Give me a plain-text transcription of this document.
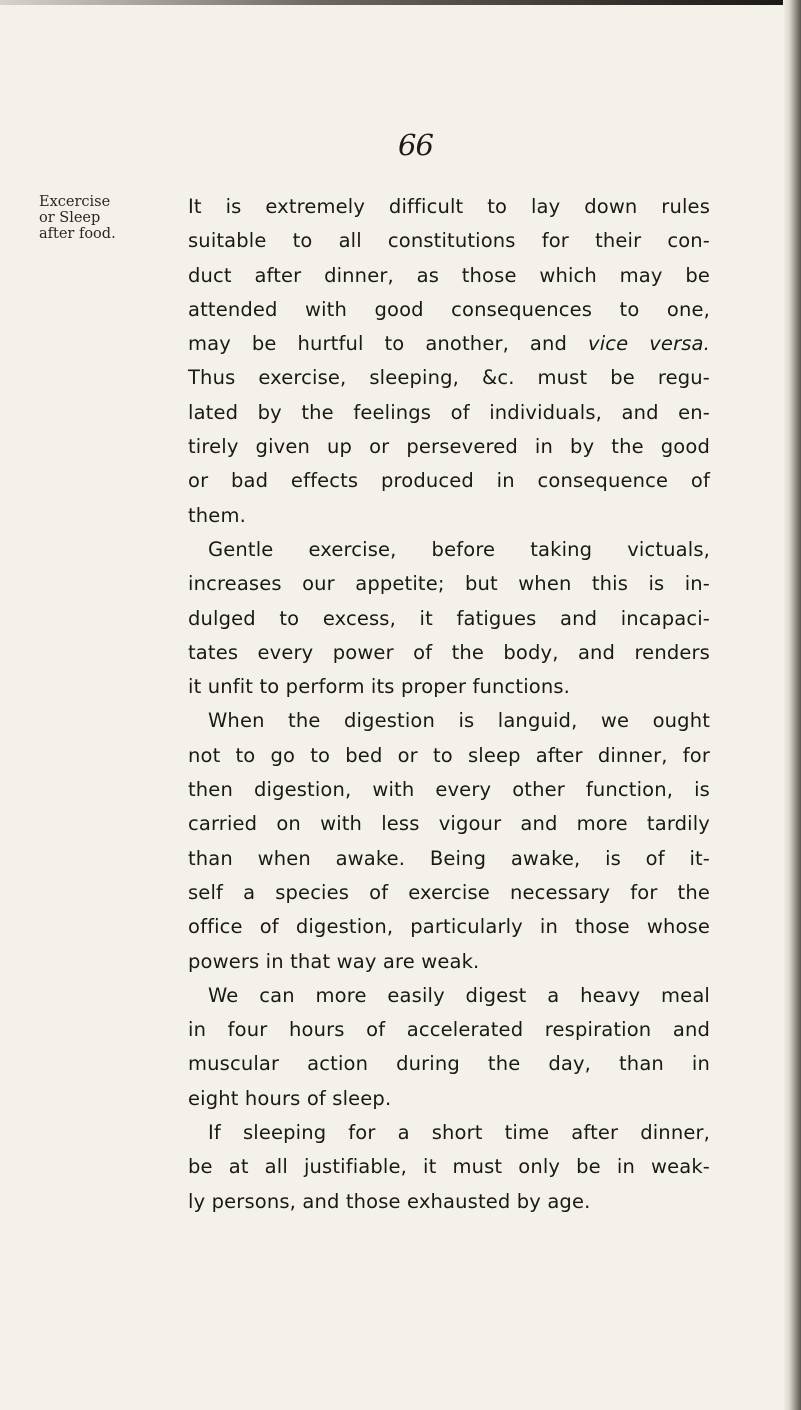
66
Excercise
or Sleep
after food.
It is extremely difficult to lay down rules
suitable to all constitutions for their con-
duct after dinner, as those which may be
attended with good consequences to one,
may be hurtful to another, and vice versa.
Thus exercise, sleeping, &c. must be regu-
lated by the feelings of individuals, and en-
tirely given up or persevered in by the good
or bad effects produced in consequence of
them.
Gentle exercise, before taking victuals,
increases our appetite; but when this is in-
dulged to excess, it fatigues and incapaci-
tates every power of the body, and renders
it unfit to perform its proper functions.
When the digestion is languid, we ought
not to go to bed or to sleep after dinner, for
then digestion, with every other function, is
carried on with less vigour and more tardily
than when awake. Being awake, is of it-
self a species of exercise necessary for the
office of digestion, particularly in those whose
powers in that way are weak.
We can more easily digest a heavy meal
in four hours of accelerated respiration and
muscular action during the day, than in
eight hours of sleep.
If sleeping for a short time after dinner,
be at all justifiable, it must only be in weak-
ly persons, and those exhausted by age.
